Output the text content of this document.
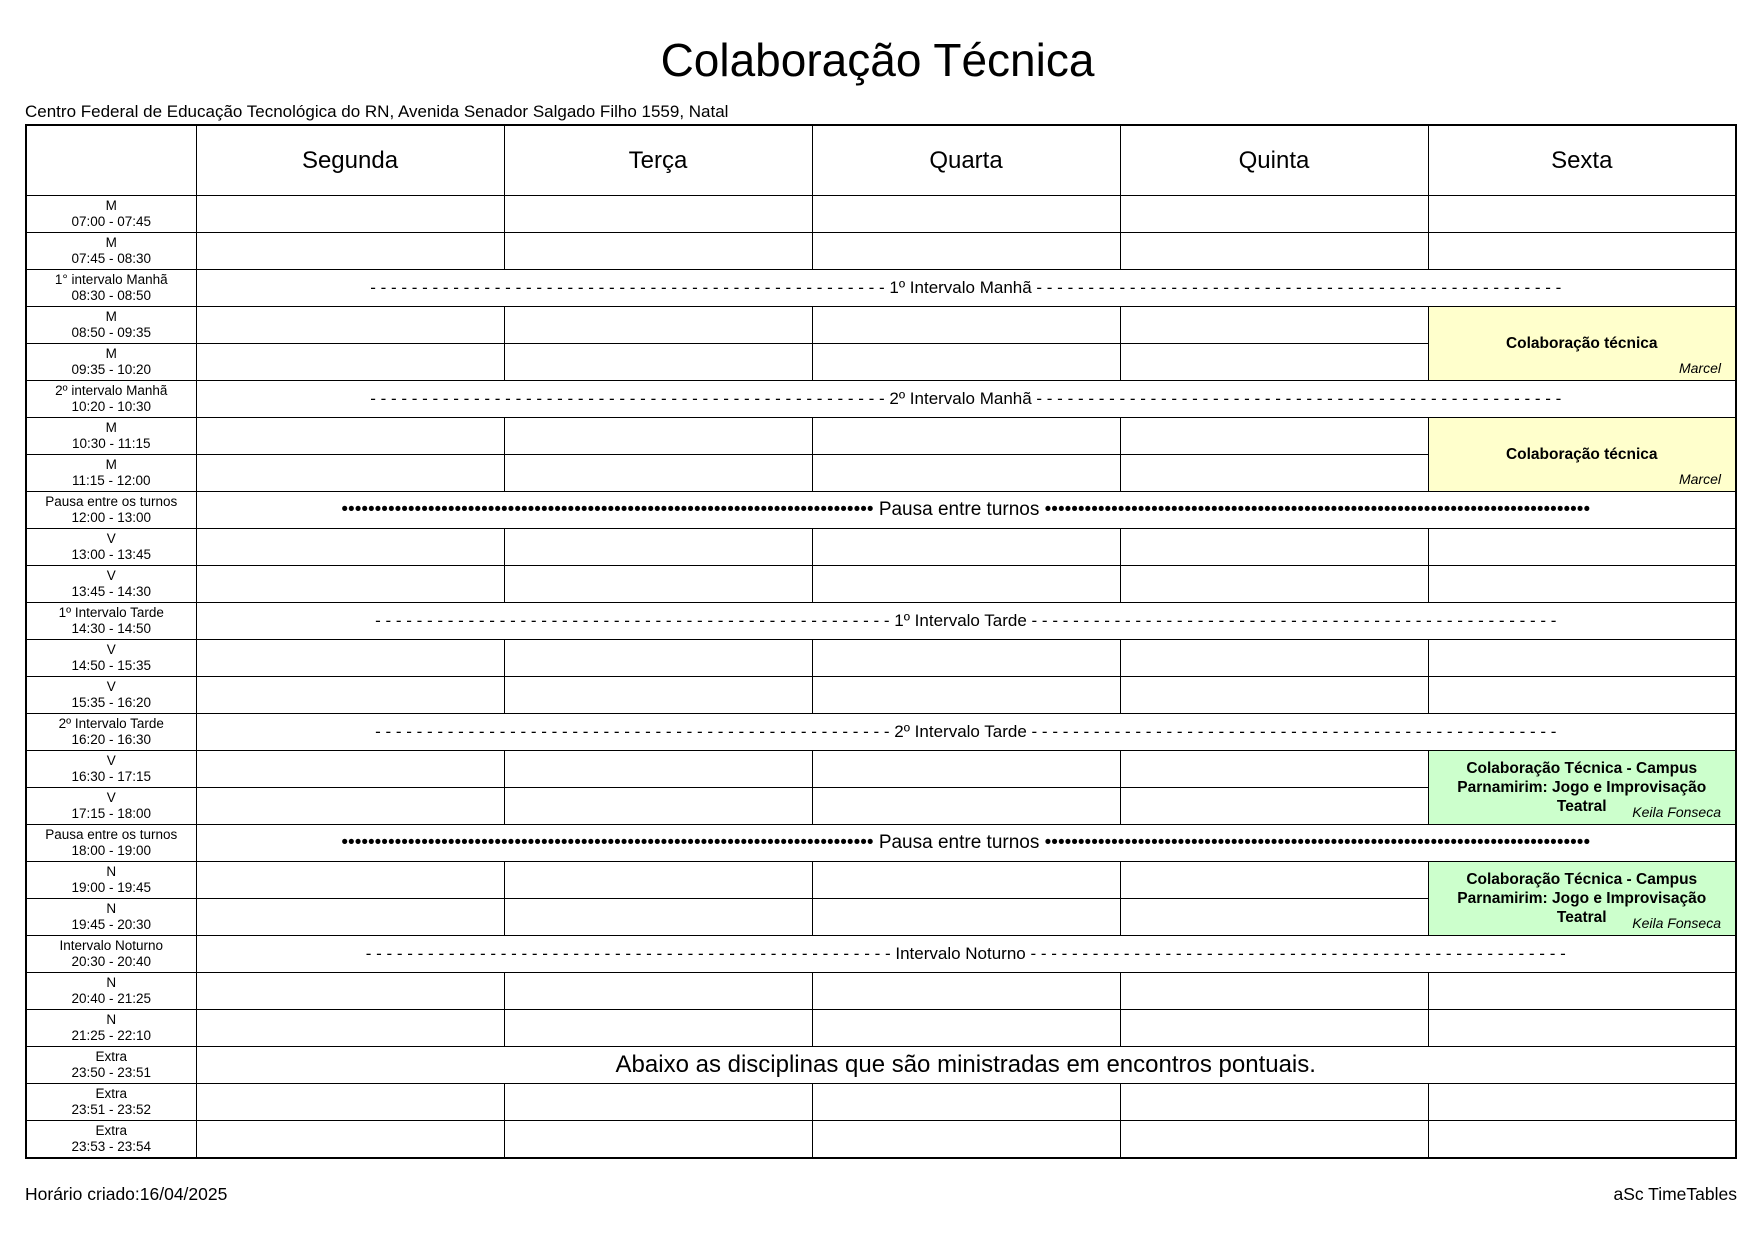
Colaboração Técnica
Centro Federal de Educação Tecnológica do RN, Avenida Senador Salgado Filho 1559, Natal
	Segunda	Terça	Quarta	Quinta	Sexta

M
07:00 - 07:45					

M
07:45 - 08:30					

1° intervalo Manhã
08:30 - 08:50	- - - - - - - - - - - - - - - - - - - - - - - - - - - - - - - - - - - - - - - - - - - - - - - - - - 1º Intervalo Manhã - - - - - - - - - - - - - - - - - - - - - - - - - - - - - - - - - - - - - - - - - - - - - - - - - - -				

M
08:50 - 09:35					Colaboração técnica
Marcel

M
09:35 - 10:20					

2º intervalo Manhã
10:20 - 10:30	- - - - - - - - - - - - - - - - - - - - - - - - - - - - - - - - - - - - - - - - - - - - - - - - - - 2º Intervalo Manhã - - - - - - - - - - - - - - - - - - - - - - - - - - - - - - - - - - - - - - - - - - - - - - - - - - -				

M
10:30 - 11:15					Colaboração técnica
Marcel

M
11:15 - 12:00					

Pausa entre os turnos
12:00 - 13:00	•••••••••••••••••••••••••••••••••••••••••••••••••••••••••••••••••••••••••••••••• Pausa entre turnos ••••••••••••••••••••••••••••••••••••••••••••••••••••••••••••••••••••••••••••••••••				

V
13:00 - 13:45					

V
13:45 - 14:30					

1º Intervalo Tarde
14:30 - 14:50	- - - - - - - - - - - - - - - - - - - - - - - - - - - - - - - - - - - - - - - - - - - - - - - - - - 1º Intervalo Tarde - - - - - - - - - - - - - - - - - - - - - - - - - - - - - - - - - - - - - - - - - - - - - - - - - - -				

V
14:50 - 15:35					

V
15:35 - 16:20					

2º Intervalo Tarde
16:20 - 16:30	- - - - - - - - - - - - - - - - - - - - - - - - - - - - - - - - - - - - - - - - - - - - - - - - - - 2º Intervalo Tarde - - - - - - - - - - - - - - - - - - - - - - - - - - - - - - - - - - - - - - - - - - - - - - - - - - -				

V
16:30 - 17:15					Colaboração Técnica - Campus Parnamirim: Jogo e Improvisação Teatral Keila Fonseca

V
17:15 - 18:00					

Pausa entre os turnos
18:00 - 19:00	•••••••••••••••••••••••••••••••••••••••••••••••••••••••••••••••••••••••••••••••• Pausa entre turnos ••••••••••••••••••••••••••••••••••••••••••••••••••••••••••••••••••••••••••••••••••				

N
19:00 - 19:45					Colaboração Técnica - Campus Parnamirim: Jogo e Improvisação Teatral Keila Fonseca

N
19:45 - 20:30					

Intervalo Noturno
20:30 - 20:40	- - - - - - - - - - - - - - - - - - - - - - - - - - - - - - - - - - - - - - - - - - - - - - - - - - - Intervalo Noturno - - - - - - - - - - - - - - - - - - - - - - - - - - - - - - - - - - - - - - - - - - - - - - - - - - - -				

N
20:40 - 21:25					

N
21:25 - 22:10					

Extra
23:50 - 23:51	Abaixo as disciplinas que são ministradas em encontros pontuais.				

Extra
23:51 - 23:52					

Extra
23:53 - 23:54					

Horário criado:16/04/2025	aSc TimeTables
